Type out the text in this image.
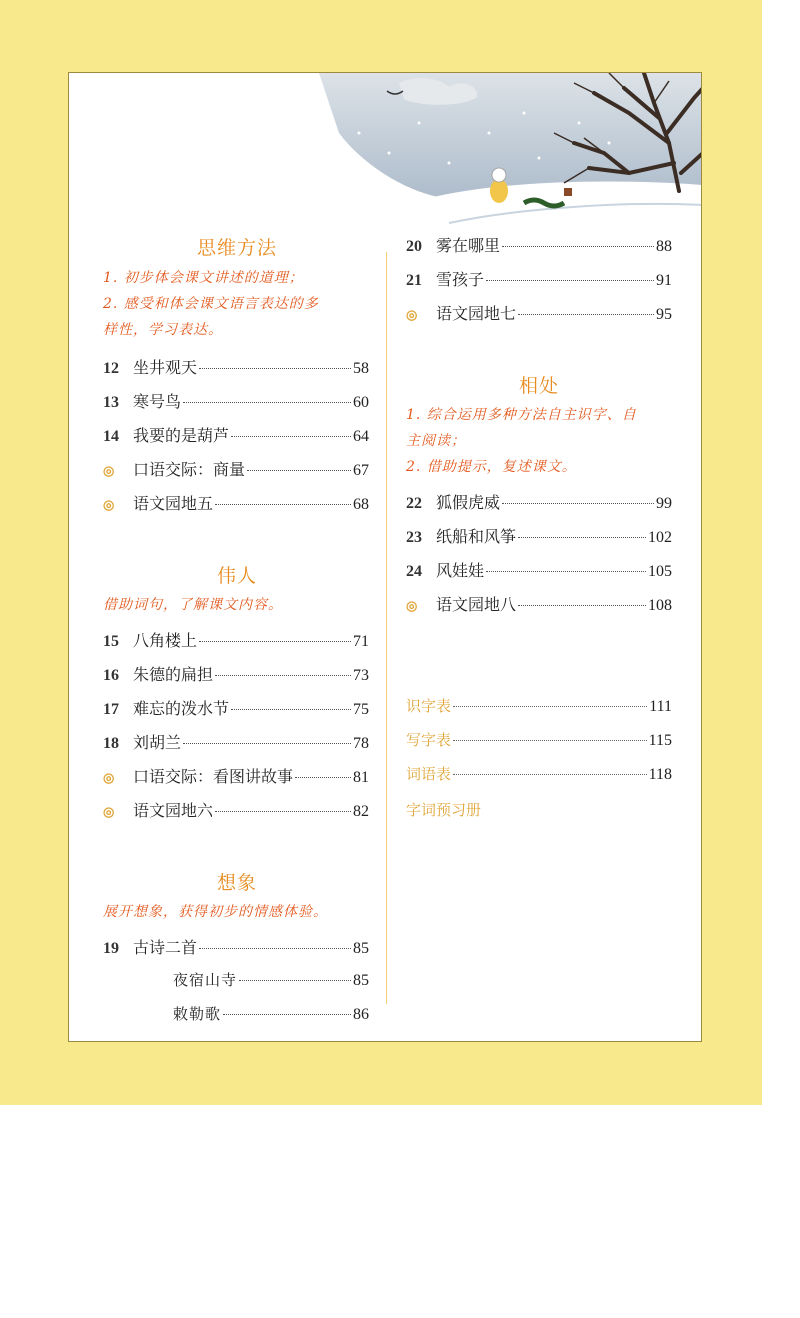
思维方法
1. 初步体会课文讲述的道理；
2. 感受和体会课文语言表达的多
样性，学习表达。
12 坐井观天	58
13 寒号鸟	60
14 我要的是葫芦	64
◎	口语交际：商量	67
◎	语文园地五	68
伟人
借助词句，了解课文内容。
15 八角楼上	71
16 朱德的扁担	73
17 难忘的泼水节	75
18 刘胡兰	78
◎	口语交际：看图讲故事	81
◎	语文园地六	82
想象
展开想象，获得初步的情感体验。
19 古诗二首	85
夜宿山寺	85
敕勒歌	86
20 雾在哪里	88
21 雪孩子	91
◎	语文园地七	95
相处
1. 综合运用多种方法自主识字、自
主阅读；
2. 借助提示，复述课文。
22 狐假虎威	99
23 纸船和风筝	102
24 风娃娃	105
◎	语文园地八	108
识字表	111
写字表	115
词语表	118
字词预习册
